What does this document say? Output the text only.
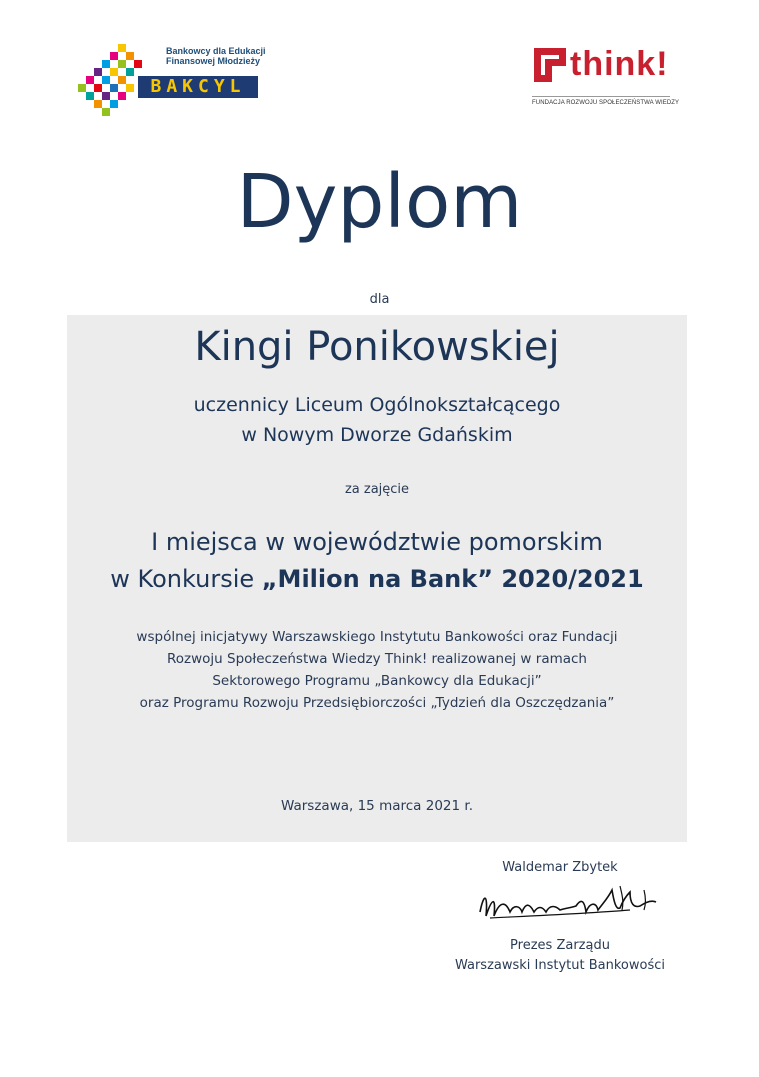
BAKCYL
Bankowcy dla Edukacji
Finansowej Młodzieży	think!
FUNDACJA ROZWOJU SPOŁECZEŃSTWA WIEDZY
Dyplom
dla
Kingi Ponikowskiej
uczennicy Liceum Ogólnokształcącego
w Nowym Dworze Gdańskim
za zajęcie
I miejsca w województwie pomorskim
w Konkursie „Milion na Bank” 2020/2021
wspólnej inicjatywy Warszawskiego Instytutu Bankowości oraz Fundacji
Rozwoju Społeczeństwa Wiedzy Think! realizowanej w ramach
Sektorowego Programu „Bankowcy dla Edukacji”
oraz Programu Rozwoju Przedsiębiorczości „Tydzień dla Oszczędzania”
Warszawa, 15 marca 2021 r.
Waldemar Zbytek
Prezes Zarządu
Warszawski Instytut Bankowości
